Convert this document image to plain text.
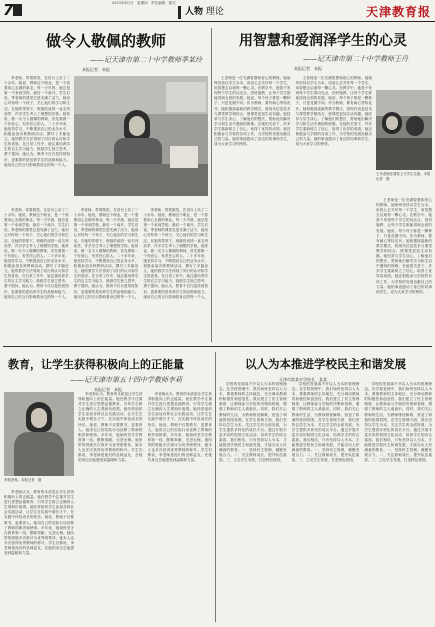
7	2013年8月日　星期四　责任编辑　版式
人物 理论	天津教育报
做令人敬佩的教师
——记天津市第二十中学教师季某玲
本报记者　本报

李老师，带着微笑，在讲台上站了二十余年。她说，教师这个职业，是一个需要用心去做的事业。每一天早晨，她总是第一个来到学校，最后一个离开。学生们说，季老师的课堂总是充满了活力，她用心对待每一个孩子，关心他们的学习和生活。在她的带领下，班级的成绩一直名列前茅，许多学生考入了理想的学校。她常说，做一名令人敬佩的教师，首先要做一个有爱心、有责任心的人。二十多年来，她坚持学习，不断提高自己的业务水平，积极参加各种教研活动，撰写了多篇论文。她的教学方法得到了同行的认可和学生的喜爱。在日常工作中，她注重培养学生的自主学习能力，鼓励学生独立思考，勇于提问。她认为，教育不仅仅是传授知识，更重要的是培养学生的品格和能力。她用自己的言行影响着身边的每一个人。

李老师，带着微笑，在讲台上站了二十余年。她说，教师这个职业，是一个需要用心去做的事业。每一天早晨，她总是第一个来到学校，最后一个离开。学生们说，季老师的课堂总是充满了活力，她用心对待每一个孩子，关心他们的学习和生活。在她的带领下，班级的成绩一直名列前茅，许多学生考入了理想的学校。她常说，做一名令人敬佩的教师，首先要做一个有爱心、有责任心的人。二十多年来，她坚持学习，不断提高自己的业务水平，积极参加各种教研活动，撰写了多篇论文。她的教学方法得到了同行的认可和学生的喜爱。在日常工作中，她注重培养学生的自主学习能力，鼓励学生独立思考，勇于提问。她认为，教育不仅仅是传授知识，更重要的是培养学生的品格和能力。她用自己的言行影响着身边的每一个人。

李老师，带着微笑，在讲台上站了二十余年。她说，教师这个职业，是一个需要用心去做的事业。每一天早晨，她总是第一个来到学校，最后一个离开。学生们说，季老师的课堂总是充满了活力，她用心对待每一个孩子，关心他们的学习和生活。在她的带领下，班级的成绩一直名列前茅，许多学生考入了理想的学校。她常说，做一名令人敬佩的教师，首先要做一个有爱心、有责任心的人。二十多年来，她坚持学习，不断提高自己的业务水平，积极参加各种教研活动，撰写了多篇论文。她的教学方法得到了同行的认可和学生的喜爱。在日常工作中，她注重培养学生的自主学习能力，鼓励学生独立思考，勇于提问。她认为，教育不仅仅是传授知识，更重要的是培养学生的品格和能力。她用自己的言行影响着身边的每一个人。

李老师，带着微笑，在讲台上站了二十余年。她说，教师这个职业，是一个需要用心去做的事业。每一天早晨，她总是第一个来到学校，最后一个离开。学生们说，季老师的课堂总是充满了活力，她用心对待每一个孩子，关心他们的学习和生活。在她的带领下，班级的成绩一直名列前茅，许多学生考入了理想的学校。她常说，做一名令人敬佩的教师，首先要做一个有爱心、有责任心的人。二十多年来，她坚持学习，不断提高自己的业务水平，积极参加各种教研活动，撰写了多篇论文。她的教学方法得到了同行的认可和学生的喜爱。在日常工作中，她注重培养学生的自主学习能力，鼓励学生独立思考，勇于提问。她认为，教育不仅仅是传授知识，更重要的是培养学生的品格和能力。她用自己的言行影响着身边的每一个人。

用智慧和爱润泽学生的心灵
——记天津市第二十中学教师王丹
本报记者　本报

王老师是一位充满智慧和爱心的教师。她始终坚持以学生为本，用爱心去关怀每一个学生，用智慧去启迪每一颗心灵。在教学中，她善于发现每个学生的闪光点，因材施教，让每个学生都能得到全面的发展。她说，每个孩子都是一颗种子，只是花期不同。作为教师，要有耐心等待花开。她积极探索新的教学模式，将现代信息技术与课堂教学相结合，使课堂更加生动有趣。她经常与学生谈心，了解他们的想法，帮助他们解决学习和生活中遇到的困难。在她的关爱下，许多学生重新树立了信心，取得了优异的成绩。她还积极参与学校的各项工作，为学校的发展贡献自己的力量。她的事迹感动了身边的同事和学生，成为大家学习的榜样。

王老师是一位充满智慧和爱心的教师。她始终坚持以学生为本，用爱心去关怀每一个学生，用智慧去启迪每一颗心灵。在教学中，她善于发现每个学生的闪光点，因材施教，让每个学生都能得到全面的发展。她说，每个孩子都是一颗种子，只是花期不同。作为教师，要有耐心等待花开。她积极探索新的教学模式，将现代信息技术与课堂教学相结合，使课堂更加生动有趣。她经常与学生谈心，了解他们的想法，帮助他们解决学习和生活中遇到的困难。在她的关爱下，许多学生重新树立了信心，取得了优异的成绩。她还积极参与学校的各项工作，为学校的发展贡献自己的力量。她的事迹感动了身边的同事和学生，成为大家学习的榜样。

王丹老师在课堂上与学生交流。本报记者　摄

王老师是一位充满智慧和爱心的教师。她始终坚持以学生为本，用爱心去关怀每一个学生，用智慧去启迪每一颗心灵。在教学中，她善于发现每个学生的闪光点，因材施教，让每个学生都能得到全面的发展。她说，每个孩子都是一颗种子，只是花期不同。作为教师，要有耐心等待花开。她积极探索新的教学模式，将现代信息技术与课堂教学相结合，使课堂更加生动有趣。她经常与学生谈心，了解他们的想法，帮助他们解决学习和生活中遇到的困难。在她的关爱下，许多学生重新树立了信心，取得了优异的成绩。她还积极参与学校的各项工作，为学校的发展贡献自己的力量。她的事迹感动了身边的同事和学生，成为大家学习的榜样。

教育，让学生获得积极向上的正能量
——记天津市第五十四中学教师李莉
本报记者　本报
李莉老师。本报记者　摄

李老师认为，教育的本质是让学生获得积极向上的正能量。她在教学中注重对学生进行思想品德教育，引导学生树立正确的人生观和价值观。她经常组织学生参加各种社会实践活动，让学生在实践中增长才干，在实践中体验成长的快乐。她说，教师不仅要教书，更要育人。她用自己的实际行动诠释了教师的职责和使命。多年来，她始终坚守在教育第一线，默默奉献，无怨无悔。她所带的班级多次被评为优秀班集体，她本人也多次获得优秀教师的称号。学生们都说，李老师是他们的良师益友，在她的身边总能感受到温暖和力量。

李老师认为，教育的本质是让学生获得积极向上的正能量。她在教学中注重对学生进行思想品德教育，引导学生树立正确的人生观和价值观。她经常组织学生参加各种社会实践活动，让学生在实践中增长才干，在实践中体验成长的快乐。她说，教师不仅要教书，更要育人。她用自己的实际行动诠释了教师的职责和使命。多年来，她始终坚守在教育第一线，默默奉献，无怨无悔。她所带的班级多次被评为优秀班集体，她本人也多次获得优秀教师的称号。学生们都说，李老师是他们的良师益友，在她的身边总能感受到温暖和力量。

李老师认为，教育的本质是让学生获得积极向上的正能量。她在教学中注重对学生进行思想品德教育，引导学生树立正确的人生观和价值观。她经常组织学生参加各种社会实践活动，让学生在实践中增长才干，在实践中体验成长的快乐。她说，教师不仅要教书，更要育人。她用自己的实际行动诠释了教师的职责和使命。多年来，她始终坚守在教育第一线，默默奉献，无怨无悔。她所带的班级多次被评为优秀班集体，她本人也多次获得优秀教师的称号。学生们都说，李老师是他们的良师益友，在她的身边总能感受到温暖和力量。

以人为本推进学校民主和谐发展
天津市第某中学校长　某某

学校的发展离不开以人为本的管理理念。在学校管理中，我们始终坚持以人为本，尊重教师的主体地位，充分调动教师的积极性和创造性。我们建立了民主管理制度，让教师参与学校的决策和管理，增强了教师的主人翁意识。同时，我们关心教师的生活，为教师排忧解难，营造了和谐的校园氛围。在学生管理方面，我们坚持以学生为本，关注学生的全面发展，为学生提供多样化的成长平台。通过开展丰富多彩的校园文化活动，培养学生的综合素质。我们相信，只有坚持以人为本，才能推进学校民主和谐发展，才能办出人民满意的教育。一、坚持民主管理，凝聚发展合力。二、关注教师成长，提升队伍素质。三、立足学生发展，打造特色校园。

学校的发展离不开以人为本的管理理念。在学校管理中，我们始终坚持以人为本，尊重教师的主体地位，充分调动教师的积极性和创造性。我们建立了民主管理制度，让教师参与学校的决策和管理，增强了教师的主人翁意识。同时，我们关心教师的生活，为教师排忧解难，营造了和谐的校园氛围。在学生管理方面，我们坚持以学生为本，关注学生的全面发展，为学生提供多样化的成长平台。通过开展丰富多彩的校园文化活动，培养学生的综合素质。我们相信，只有坚持以人为本，才能推进学校民主和谐发展，才能办出人民满意的教育。一、坚持民主管理，凝聚发展合力。二、关注教师成长，提升队伍素质。三、立足学生发展，打造特色校园。

学校的发展离不开以人为本的管理理念。在学校管理中，我们始终坚持以人为本，尊重教师的主体地位，充分调动教师的积极性和创造性。我们建立了民主管理制度，让教师参与学校的决策和管理，增强了教师的主人翁意识。同时，我们关心教师的生活，为教师排忧解难，营造了和谐的校园氛围。在学生管理方面，我们坚持以学生为本，关注学生的全面发展，为学生提供多样化的成长平台。通过开展丰富多彩的校园文化活动，培养学生的综合素质。我们相信，只有坚持以人为本，才能推进学校民主和谐发展，才能办出人民满意的教育。一、坚持民主管理，凝聚发展合力。二、关注教师成长，提升队伍素质。三、立足学生发展，打造特色校园。
